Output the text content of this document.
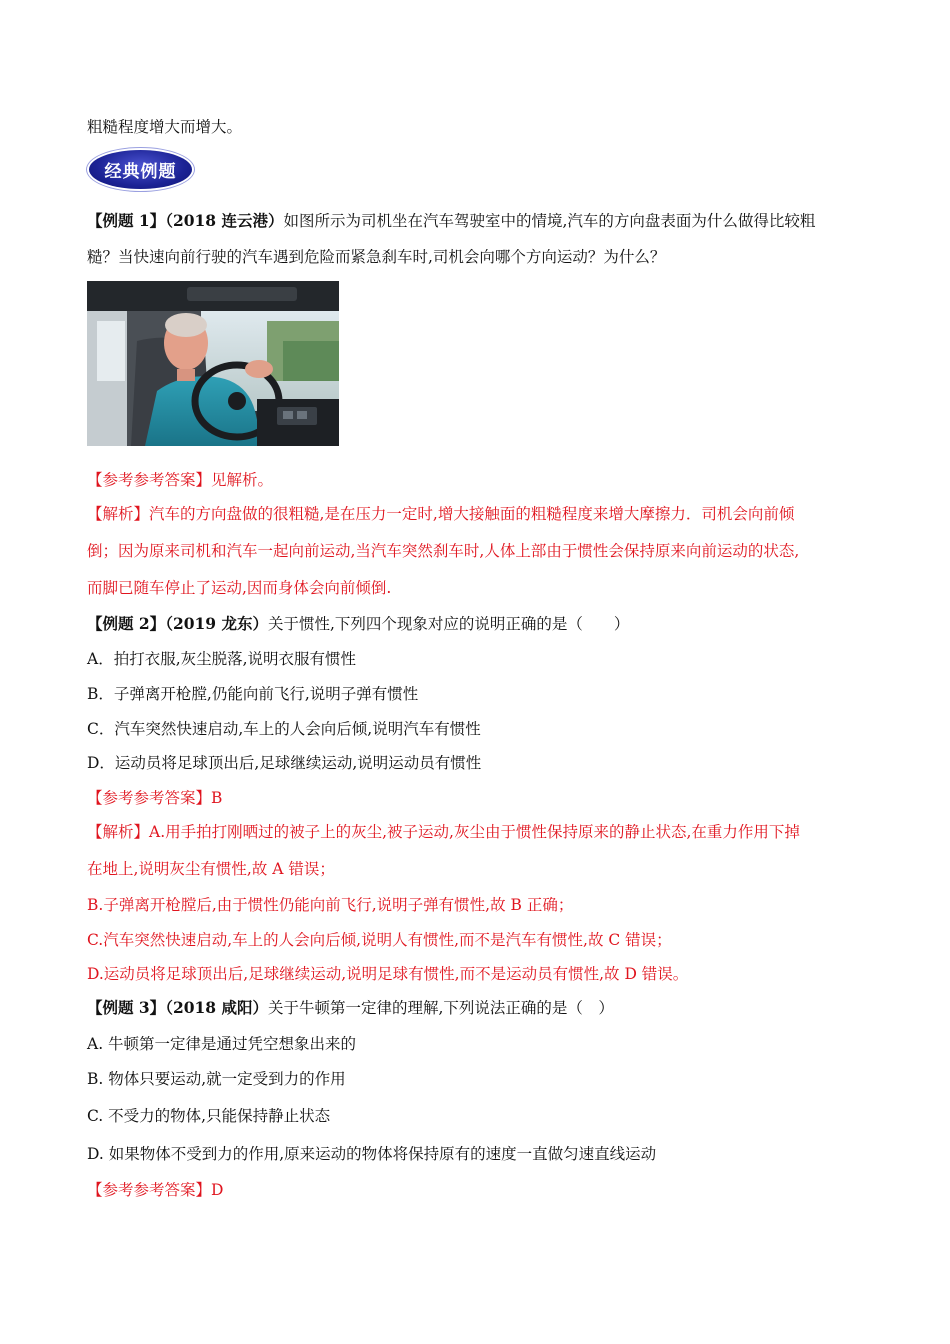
粗糙程度增大而增大。
经典例题
【例题 1】（2018 连云港）如图所示为司机坐在汽车驾驶室中的情境,汽车的方向盘表面为什么做得比较粗
糙？当快速向前行驶的汽车遇到危险而紧急刹车时,司机会向哪个方向运动？为什么？
【参考参考答案】见解析。
【解析】汽车的方向盘做的很粗糙,是在压力一定时,增大接触面的粗糙程度来增大摩擦力．司机会向前倾
倒；因为原来司机和汽车一起向前运动,当汽车突然刹车时,人体上部由于惯性会保持原来向前运动的状态,
而脚已随车停止了运动,因而身体会向前倾倒.
【例题 2】（2019 龙东）关于惯性,下列四个现象对应的说明正确的是（　　）
A．拍打衣服,灰尘脱落,说明衣服有惯性
B．子弹离开枪膛,仍能向前飞行,说明子弹有惯性
C．汽车突然快速启动,车上的人会向后倾,说明汽车有惯性
D．运动员将足球顶出后,足球继续运动,说明运动员有惯性
【参考参考答案】B
【解析】A.用手拍打刚晒过的被子上的灰尘,被子运动,灰尘由于惯性保持原来的静止状态,在重力作用下掉
在地上,说明灰尘有惯性,故 A 错误；
B.子弹离开枪膛后,由于惯性仍能向前飞行,说明子弹有惯性,故 B 正确；
C.汽车突然快速启动,车上的人会向后倾,说明人有惯性,而不是汽车有惯性,故 C 错误；
D.运动员将足球顶出后,足球继续运动,说明足球有惯性,而不是运动员有惯性,故 D 错误。
【例题 3】（2018 咸阳）关于牛顿第一定律的理解,下列说法正确的是（　）
A. 牛顿第一定律是通过凭空想象出来的
B. 物体只要运动,就一定受到力的作用
C. 不受力的物体,只能保持静止状态
D. 如果物体不受到力的作用,原来运动的物体将保持原有的速度一直做匀速直线运动
【参考参考答案】D
